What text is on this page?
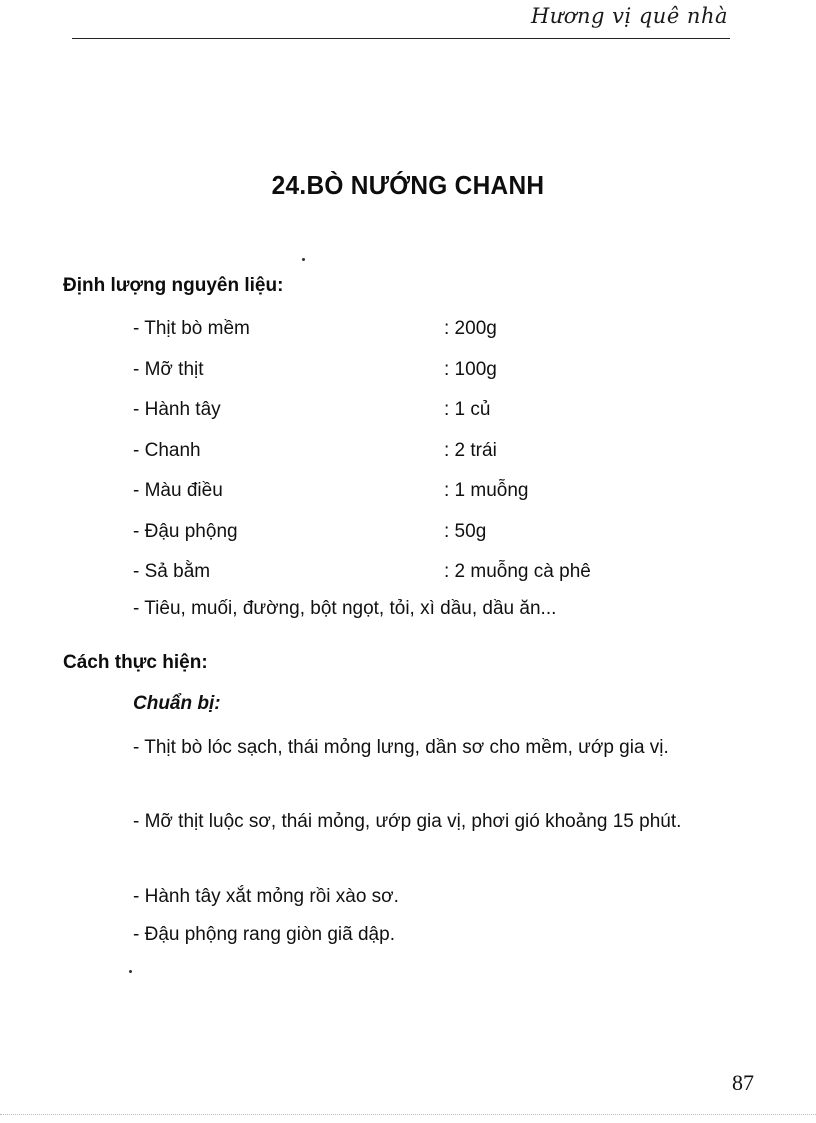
Hương vị quê nhà
24.BÒ NƯỚNG CHANH
Định lượng nguyên liệu:
- Thịt bò mềm	: 200g
- Mỡ thịt	: 100g
- Hành tây	: 1 củ
- Chanh	: 2 trái
- Màu điều	: 1 muỗng
- Đậu phộng	: 50g
- Sả bằm	: 2 muỗng cà phê

- Tiêu, muối, đường, bột ngọt, tỏi, xì dầu, dầu ăn...

Cách thực hiện:
Chuẩn bị:

- Thịt bò lóc sạch, thái mỏng lưng, dần sơ cho mềm, ướp gia vị.

- Mỡ thịt luộc sơ, thái mỏng, ướp gia vị, phơi gió khoảng 15 phút.

- Hành tây xắt mỏng rồi xào sơ.

- Đậu phộng rang giòn giã dập.

87
